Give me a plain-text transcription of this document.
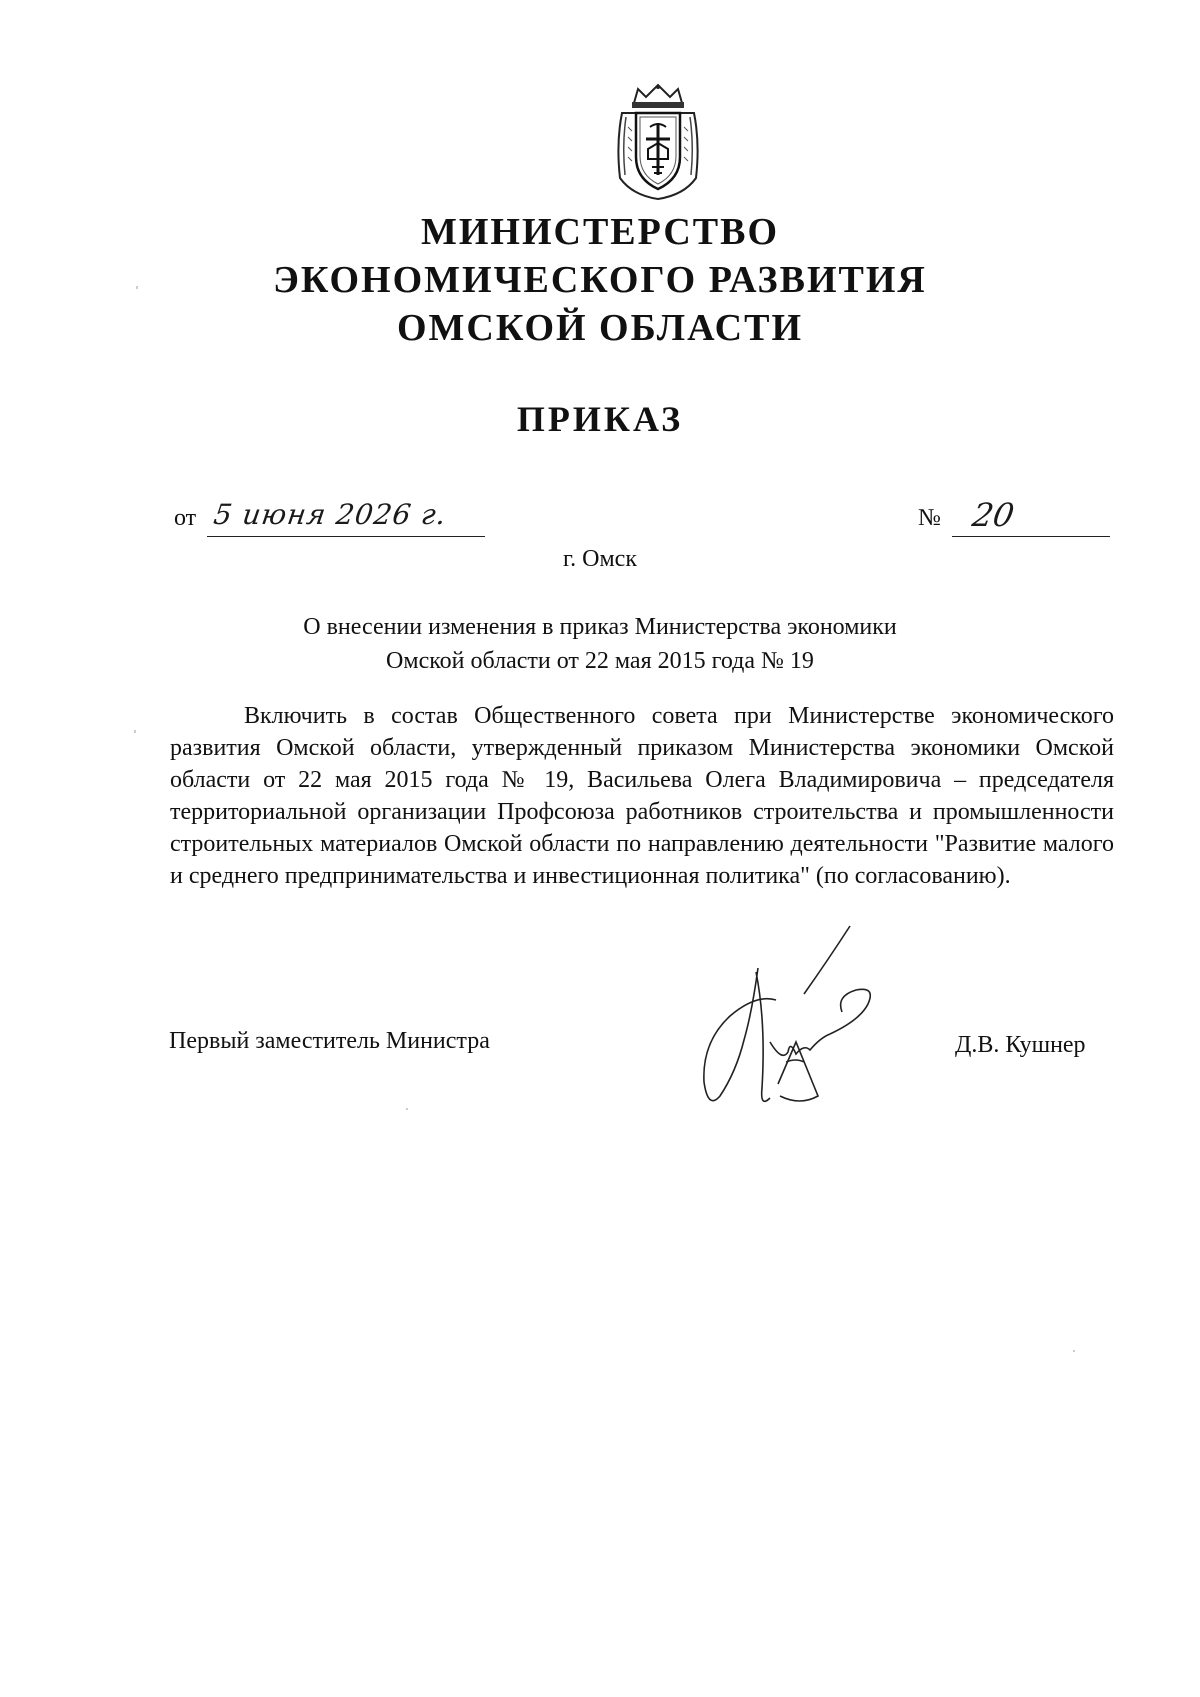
МИНИСТЕРСТВО
ЭКОНОМИЧЕСКОГО РАЗВИТИЯ
ОМСКОЙ ОБЛАСТИ
ПРИКАЗ
от 5 июня 2026 г.	№ 20
г. Омск
О внесении изменения в приказ Министерства экономики
Омской области от 22 мая 2015 года № 19
Включить в состав Общественного совета при Министерстве экономического развития Омской области, утвержденный приказом Министерства экономики Омской области от 22 мая 2015 года № 19, Васильева Олега Владимировича – председателя территориальной организации Профсоюза работников строительства и промышленности строительных материалов Омской области по направлению деятельности "Развитие малого и среднего предпринимательства и инвестиционная политика" (по согласованию).
Первый заместитель Министра	Д.В. Кушнер
